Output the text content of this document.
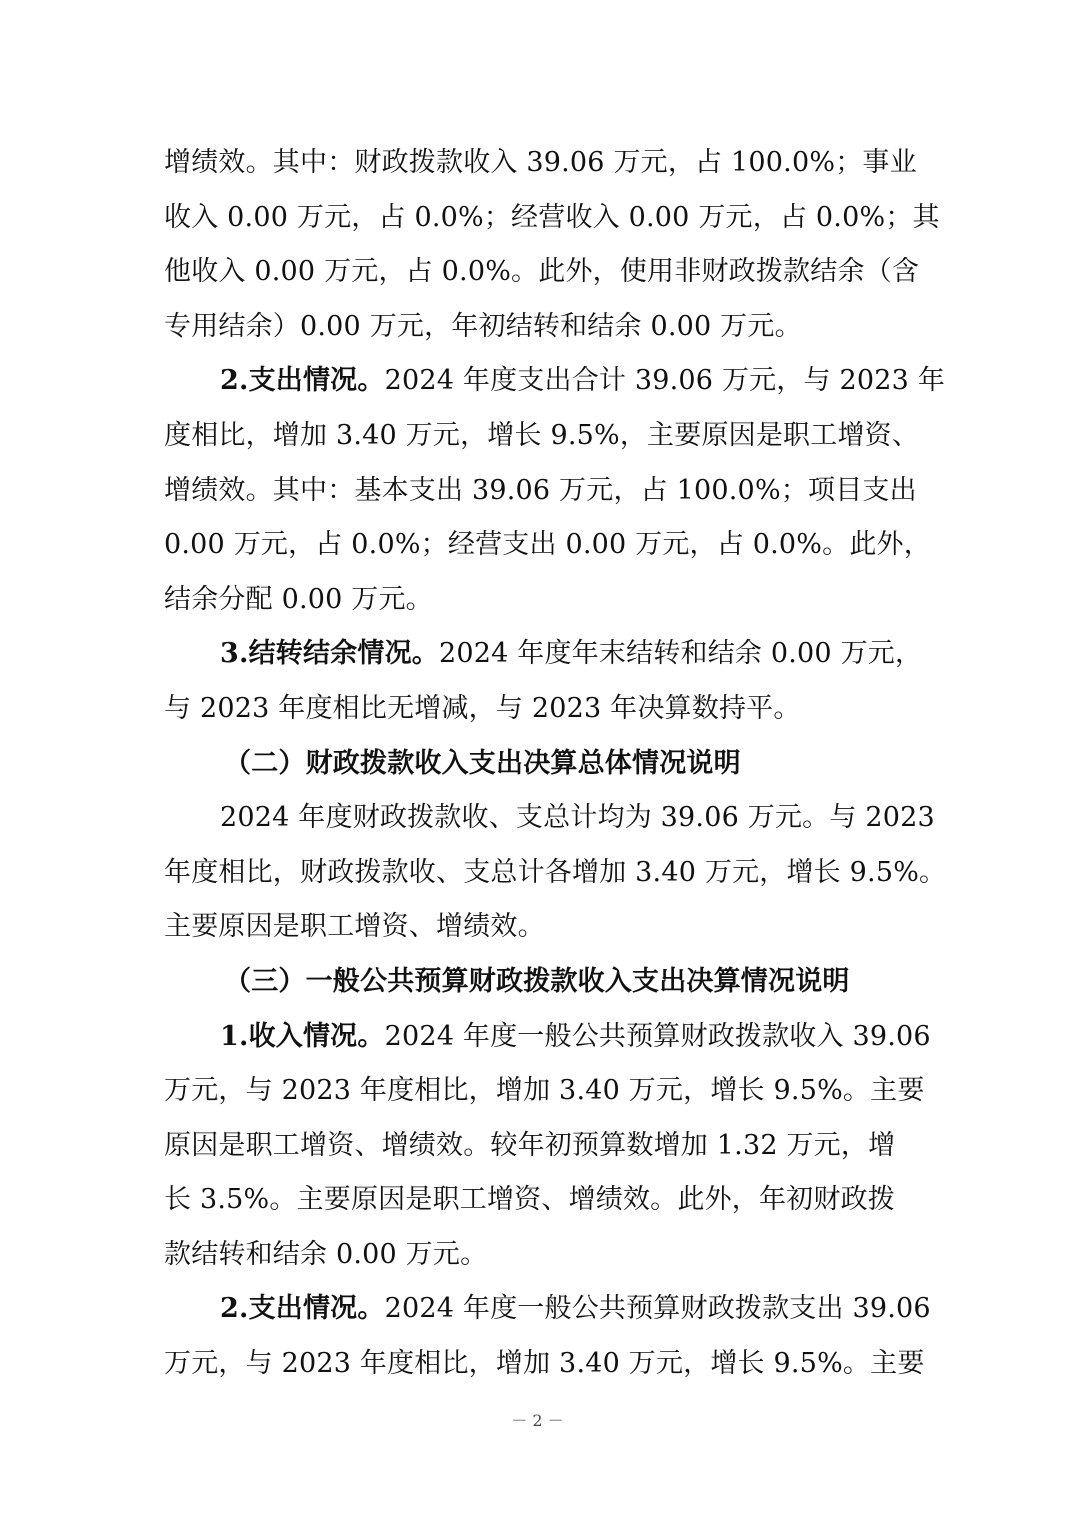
增绩效。其中：财政拨款收入 39.06 万元，占 100.0%；事业
收入 0.00 万元，占 0.0%；经营收入 0.00 万元，占 0.0%；其
他收入 0.00 万元，占 0.0%。此外，使用非财政拨款结余（含
专用结余）0.00 万元，年初结转和结余 0.00 万元。
2.支出情况。2024 年度支出合计 39.06 万元，与 2023 年
度相比，增加 3.40 万元，增长 9.5%，主要原因是职工增资、
增绩效。其中：基本支出 39.06 万元，占 100.0%；项目支出
0.00 万元，占 0.0%；经营支出 0.00 万元，占 0.0%。此外，
结余分配 0.00 万元。
3.结转结余情况。2024 年度年末结转和结余 0.00 万元，
与 2023 年度相比无增减，与 2023 年决算数持平。
（二）财政拨款收入支出决算总体情况说明
2024 年度财政拨款收、支总计均为 39.06 万元。与 2023
年度相比，财政拨款收、支总计各增加 3.40 万元，增长 9.5%。
主要原因是职工增资、增绩效。
（三）一般公共预算财政拨款收入支出决算情况说明
1.收入情况。2024 年度一般公共预算财政拨款收入 39.06
万元，与 2023 年度相比，增加 3.40 万元，增长 9.5%。主要
原因是职工增资、增绩效。较年初预算数增加 1.32 万元，增
长 3.5%。主要原因是职工增资、增绩效。此外，年初财政拨
款结转和结余 0.00 万元。
2.支出情况。2024 年度一般公共预算财政拨款支出 39.06
万元，与 2023 年度相比，增加 3.40 万元，增长 9.5%。主要
－ 2 －
